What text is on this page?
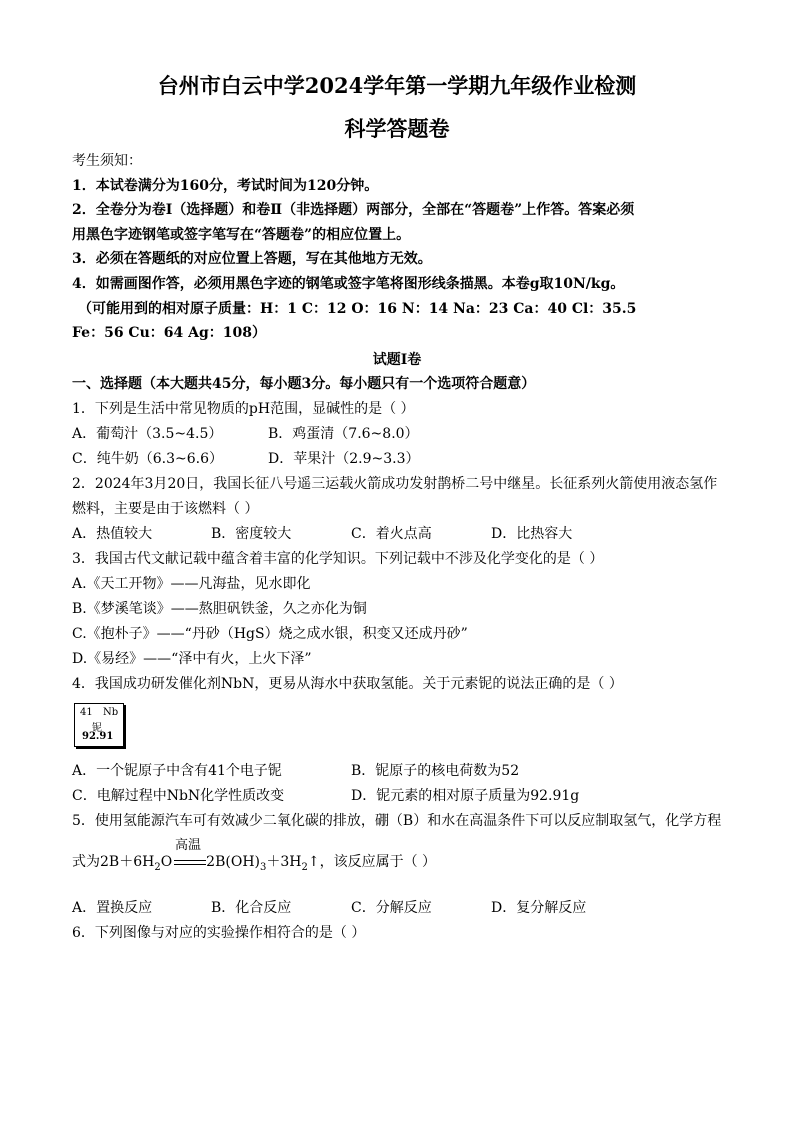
台州市白云中学2024学年第一学期九年级作业检测
科学答题卷
考生须知：
1．本试卷满分为160分，考试时间为120分钟。
2．全卷分为卷Ⅰ（选择题）和卷Ⅱ（非选择题）两部分，全部在“答题卷”上作答。答案必须
用黑色字迹钢笔或签字笔写在“答题卷”的相应位置上。
3．必须在答题纸的对应位置上答题，写在其他地方无效。
4．如需画图作答，必须用黑色字迹的钢笔或签字笔将图形线条描黑。本卷g取10N/kg。
（可能用到的相对原子质量：H：1 C：12 O：16 N：14 Na：23 Ca：40 Cl：35.5
Fe：56 Cu：64 Ag：108）
试题Ⅰ卷
一、选择题（本大题共45分，每小题3分。每小题只有一个选项符合题意）
1．下列是生活中常见物质的pH范围，显碱性的是（ ）
A．葡萄汁（3.5~4.5）	B．鸡蛋清（7.6~8.0）
C．纯牛奶（6.3~6.6）	D．苹果汁（2.9~3.3）
2．2024年3月20日，我国长征八号遥三运载火箭成功发射鹊桥二号中继星。长征系列火箭使用液态氢作
燃料，主要是由于该燃料（ ）
A．热值较大	B．密度较大	C．着火点高	D．比热容大
3．我国古代文献记载中蕴含着丰富的化学知识。下列记载中不涉及化学变化的是（ ）
A.《天工开物》——凡海盐，见水即化
B.《梦溪笔谈》——熬胆矾铁釜，久之亦化为铜
C.《抱朴子》——“丹砂（HgS）烧之成水银，积变又还成丹砂”
D.《易经》——“泽中有火，上火下泽”
4．我国成功研发催化剂NbN，更易从海水中获取氢能。关于元素铌的说法正确的是（ ）
41 Nb
铌
92.91
A．一个铌原子中含有41个电子铌	B．铌原子的核电荷数为52
C．电解过程中NbN化学性质改变	D．铌元素的相对原子质量为92.91g
5．使用氢能源汽车可有效减少二氧化碳的排放，硼（B）和水在高温条件下可以反应制取氢气，化学方程
高温
式为$2B+6H_2O$ $2B(OH)_3+3H_2↑$，该反应属于（ ）
A．置换反应	B．化合反应	C．分解反应	D．复分解反应
6．下列图像与对应的实验操作相符合的是（ ）
